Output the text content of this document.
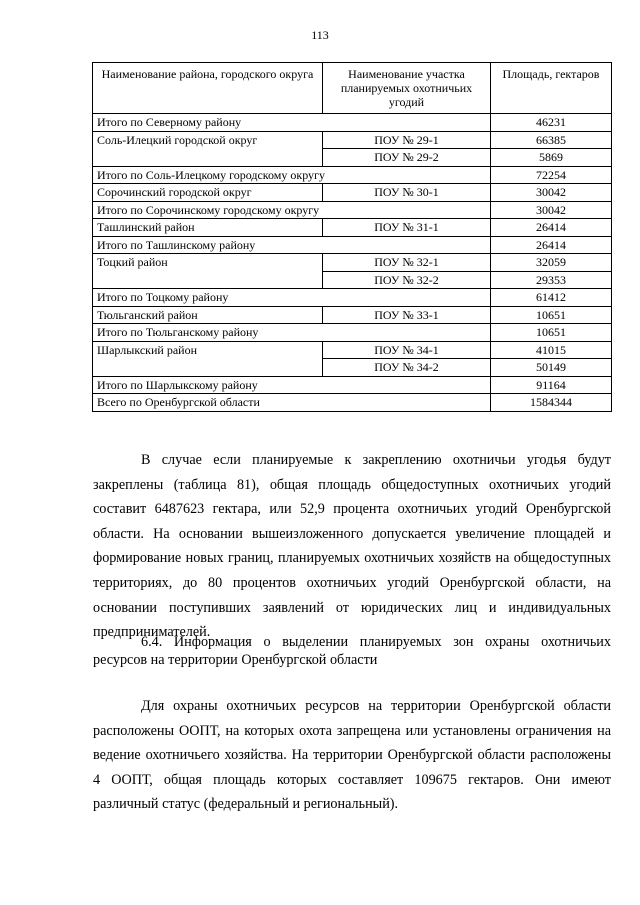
113
Наименование района, городского округа	Наименование участка планируемых охотничьих угодий	Площадь, гектаров
Итого по Северному району		46231
Соль-Илецкий городской округ	ПОУ № 29-1	66385
	ПОУ № 29-2	5869
Итого по Соль-Илецкому городскому округу		72254
Сорочинский городской округ	ПОУ № 30-1	30042
Итого по Сорочинскому городскому округу		30042
Ташлинский район	ПОУ № 31-1	26414
Итого по Ташлинскому району		26414
Тоцкий район	ПОУ № 32-1	32059
	ПОУ № 32-2	29353
Итого по Тоцкому району		61412
Тюльганский район	ПОУ № 33-1	10651
Итого по Тюльганскому району		10651
Шарлыкский район	ПОУ № 34-1	41015
	ПОУ № 34-2	50149
Итого по Шарлыкскому району		91164
Всего по Оренбургской области		1584344

В случае если планируемые к закреплению охотничьи угодья будут закреплены (таблица 81), общая площадь общедоступных охотничьих угодий составит 6487623 гектара, или 52,9 процента охотничьих угодий Оренбургской области. На основании вышеизложенного допускается увеличение площадей и формирование новых границ, планируемых охотничьих хозяйств на общедоступных территориях, до 80 процентов охотничьих угодий Оренбургской области, на основании поступивших заявлений от юридических лиц и индивидуальных предпринимателей.

6.4. Информация о выделении планируемых зон охраны охотничьих ресурсов на территории Оренбургской области

Для охраны охотничьих ресурсов на территории Оренбургской области расположены ООПТ, на которых охота запрещена или установлены ограничения на ведение охотничьего хозяйства. На территории Оренбургской области расположены 4 ООПТ, общая площадь которых составляет 109675 гектаров. Они имеют различный статус (федеральный и региональный).
